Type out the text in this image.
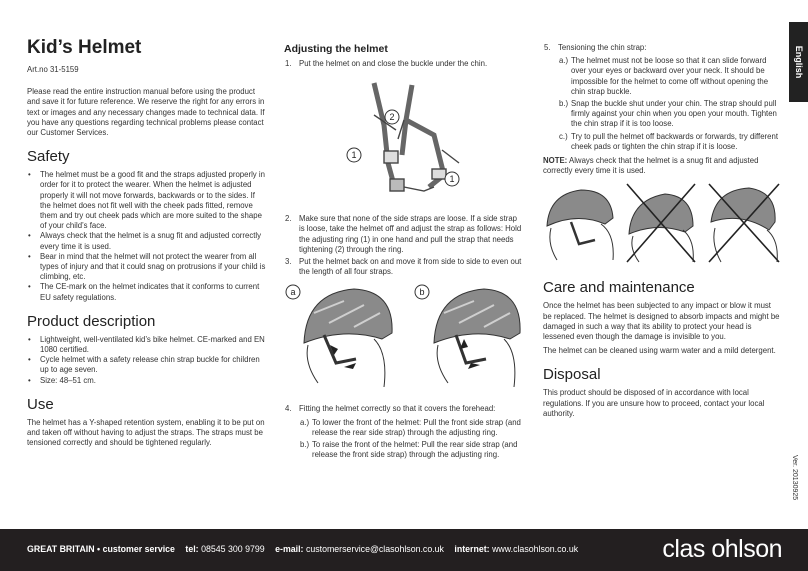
Kid’s Helmet

Art.no 31-5159

Please read the entire instruction manual before using the product and save it for future reference. We reserve the right for any errors in text or images and any necessary changes made to technical data. If you have any questions regarding technical problems please contact our Customer Services.

Safety
• The helmet must be a good fit and the straps adjusted properly in order for it to protect the wearer. When the helmet is adjusted properly it will not move forwards, backwards or to the sides. If the helmet does not fit well with the cheek pads fitted, remove them and try out cheek pads which are more suited to the shape of your child’s face.
• Always check that the helmet is a snug fit and adjusted correctly every time it is used.
• Bear in mind that the helmet will not protect the wearer from all types of injury and that it could snag on protrusions if your child is climbing, etc.
• The CE-mark on the helmet indicates that it conforms to current EU safety regulations.
Product description
• Lightweight, well-ventilated kid’s bike helmet. CE-marked and EN 1080 certified.
• Cycle helmet with a safety release chin strap buckle for children up to age seven.
• Size: 48–51 cm.
Use

The helmet has a Y-shaped retention system, enabling it to be put on and taken off without having to adjust the straps. The straps must be tensioned correctly and should be tightened regularly.

Adjusting the helmet
1. Put the helmet on and close the buckle under the chin.
2
1
1
2. Make sure that none of the side straps are loose. If a side strap is loose, take the helmet off and adjust the strap as follows: Hold the adjusting ring (1) in one hand and pull the strap that needs tightening (2) through the ring.
3. Put the helmet back on and move it from side to side to even out the length of all four straps.
a	b
4. Fitting the helmet correctly so that it covers the forehead:
a.) To lower the front of the helmet: Pull the front side strap (and release the rear side strap) through the adjusting ring.
b.) To raise the front of the helmet: Pull the rear side strap (and release the front side strap) through the adjusting ring.
5. Tensioning the chin strap:
a.) The helmet must not be loose so that it can slide forward over your eyes or backward over your neck. It should be impossible for the helmet to come off without opening the chin strap buckle.
b.) Snap the buckle shut under your chin. The strap should pull firmly against your chin when you open your mouth. Tighten the chin strap if it is too loose.
c.) Try to pull the helmet off backwards or forwards, try different cheek pads or tighten the chin strap if it is loose.

NOTE: Always check that the helmet is a snug fit and adjusted correctly every time it is used.

Care and maintenance

Once the helmet has been subjected to any impact or blow it must be replaced. The helmet is designed to absorb impacts and might be damaged in such a way that its ability to protect your head is lessened even though the damage is invisible to you.

The helmet can be cleaned using warm water and a mild detergent.

Disposal

This product should be disposed of in accordance with local regulations. If you are unsure how to proceed, contact your local authority.

English
Ver. 20130925
GREAT BRITAIN • customer service tel: 08545 300 9799 e-mail: customerservice@clasohlson.co.uk internet: www.clasohlson.co.uk	clas ohlson
